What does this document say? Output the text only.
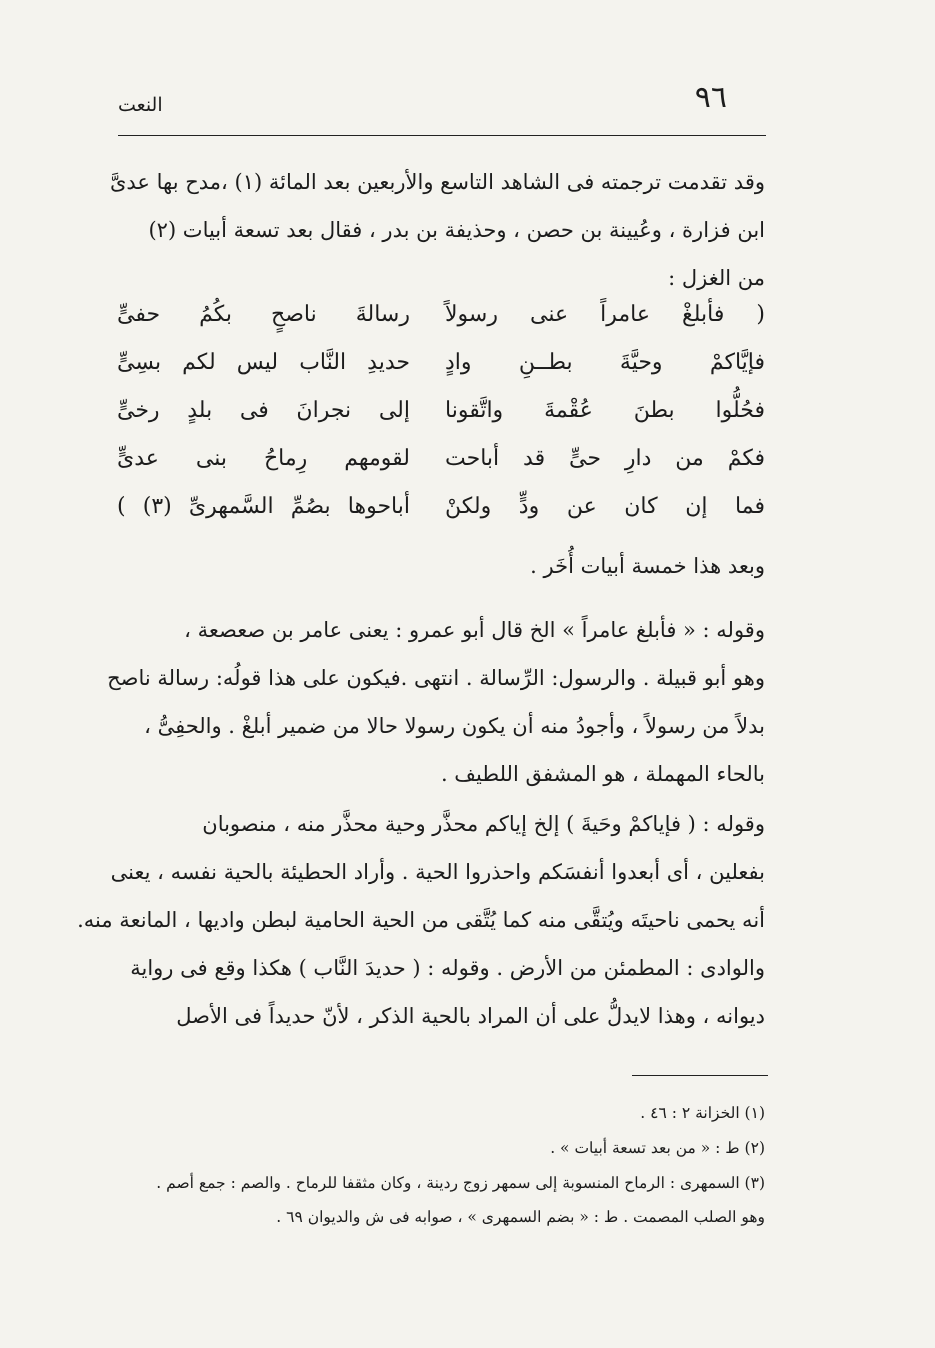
٩٦
النعت
وقد تقدمت ترجمته فى الشاهد التاسع والأربعين بعد المائة (١) ،مدح بها عدىَّ
ابن فزارة ، وعُيينة بن حصن ، وحذيفة بن بدر ، فقال بعد تسعة أبيات (٢)
من الغزل :
( فأبلغْ عامراً عنى رسولاً
رسالةَ ناصحٍ بكُمُ حفىٍّ
فإيَّاكمْ وحيَّةَ بطــنِ وادٍ
حديدِ النَّاب ليس لكم بسِىٍّ
فحُلُّوا بطنَ عُقْمةَ واتَّقونا
إلى نجرانَ فى بلدٍ رخىٍّ
فكمْ من دارِ حىٍّ قد أباحت
لقومهم رِماحُ بنى عدىٍّ
فما إن كان عن ودٍّ ولكنْ
أباحوها بصُمِّ السَّمهرىِّ (٣) )
وبعد هذا خمسة أبيات أُخَر .
وقوله : « فأبلغ عامراً » الخ قال أبو عمرو : يعنى عامر بن صعصعة ،
وهو أبو قبيلة . والرسول: الرِّسالة . انتهى .فيكون على هذا قولُه: رسالة ناصح
بدلاً من رسولاً ، وأجودُ منه أن يكون رسولا حالا من ضمير أبلغْ . والحفِىُّ ،
بالحاء المهملة ، هو المشفق اللطيف .
وقوله : ( فإياكمْ وحَيةَ ) إلخ إياكم محذَّر وحية محذَّر منه ، منصوبان
بفعلين ، أى أبعدوا أنفسَكم واحذروا الحية . وأراد الحطيئة بالحية نفسه ، يعنى
أنه يحمى ناحيتَه ويُتقَّى منه كما يُتَّقى من الحية الحامية لبطن واديها ، المانعة منه.
والوادى : المطمئن من الأرض . وقوله : ( حديدَ النَّاب ) هكذا وقع فى رواية
ديوانه ، وهذا لايدلُّ على أن المراد بالحية الذكر ، لأنّ حديداً فى الأصل
(١) الخزانة ٢ : ٤٦ .
(٢) ط : « من بعد تسعة أبيات » .
(٣) السمهرى : الرماح المنسوبة إلى سمهر زوج ردينة ، وكان مثقفا للرماح . والصم : جمع أصم .
وهو الصلب المصمت . ط : « بضم السمهرى » ، صوابه فى ش والديوان ٦٩ .
